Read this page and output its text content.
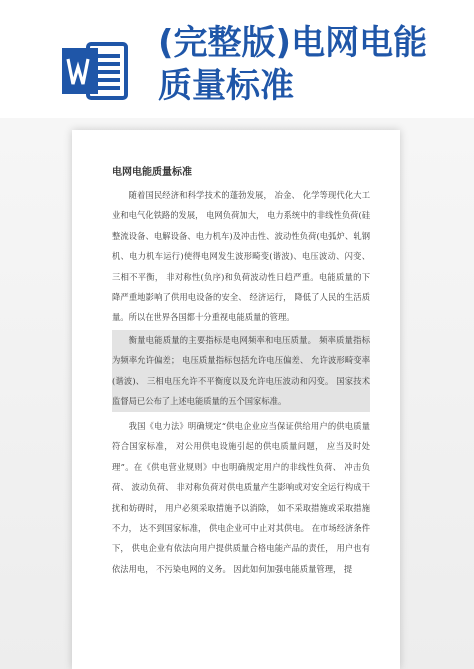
(完整版)电网电能质量标准
电网电能质量标准
随着国民经济和科学技术的蓬勃发展， 冶金、 化学等现代化大工业和电气化铁路的发展， 电网负荷加大， 电力系统中的非线性负荷(硅整流设备、电解设备、电力机车)及冲击性、波动性负荷(电弧炉、轧钢机、电力机车运行)使得电网发生波形畸变(谐波)、电压波动、闪变、三相不平衡， 非对称性(负序)和负荷波动性日趋严重。电能质量的下降严重地影响了供用电设备的安全、 经济运行， 降低了人民的生活质量。所以在世界各国都十分重视电能质量的管理。
衡量电能质量的主要指标是电网频率和电压质量。 频率质量指标为频率允许偏差； 电压质量指标包括允许电压偏差、 允许波形畸变率(谐波)、 三相电压允许不平衡度以及允许电压波动和闪变。 国家技术监督局已公布了上述电能质量的五个国家标准。
我国《电力法》明确规定“供电企业应当保证供给用户的供电质量符合国家标准， 对公用供电设施引起的供电质量问题， 应当及时处理”。在《供电营业规则》中也明确规定用户的非线性负荷、 冲击负荷、 波动负荷、 非对称负荷对供电质量产生影响或对安全运行构成干扰和妨碍时， 用户必须采取措施予以消除， 如不采取措施或采取措施不力， 达不到国家标准， 供电企业可中止对其供电。 在市场经济条件下， 供电企业有依法向用户提供质量合格电能产品的责任， 用户也有依法用电， 不污染电网的义务。 因此如何加强电能质量管理， 提
